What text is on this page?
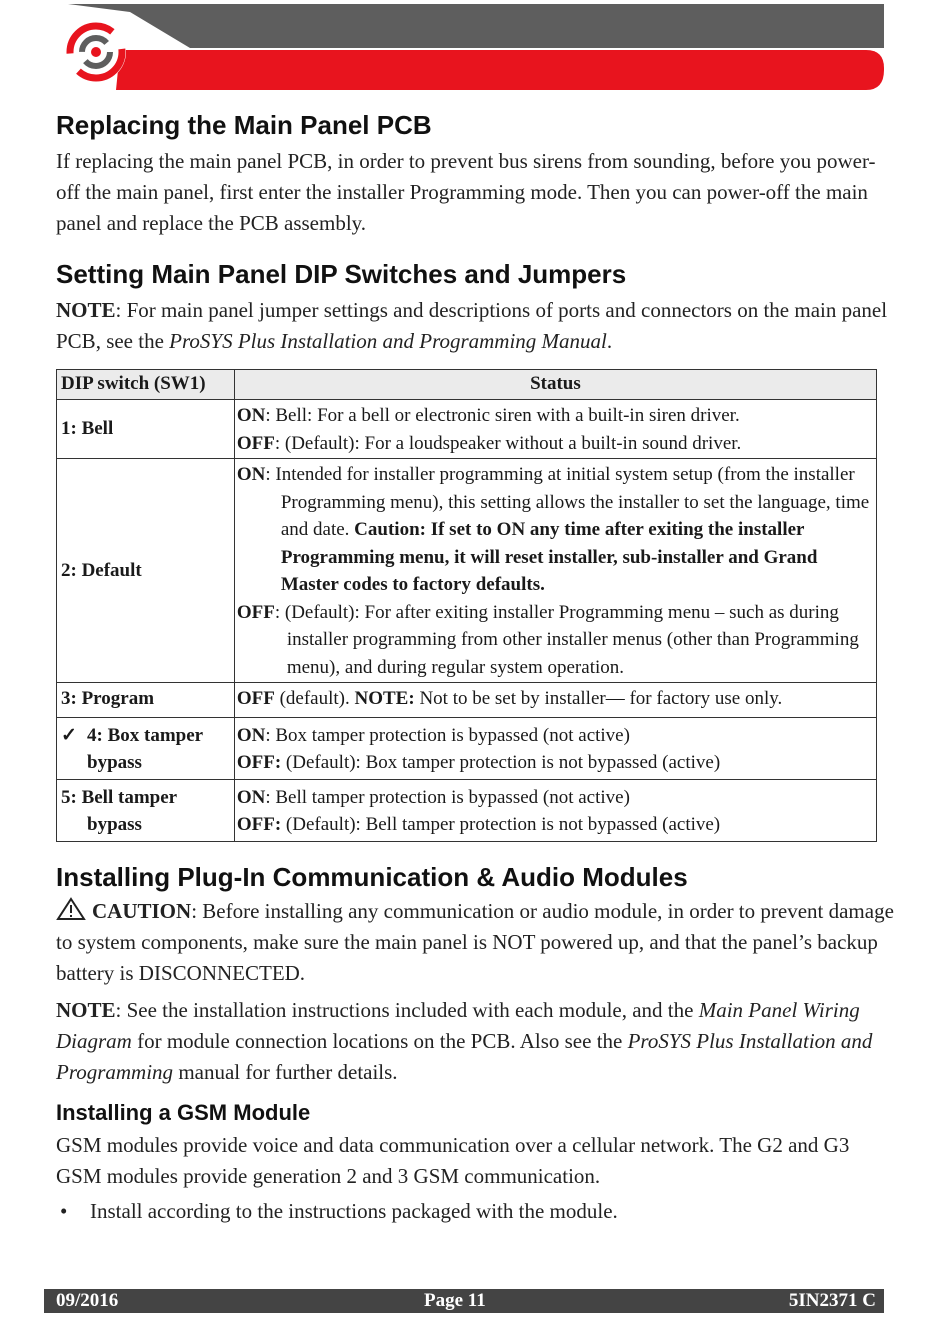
Replacing the Main Panel PCB

If replacing the main panel PCB, in order to prevent bus sirens from sounding, before you power-off the main panel, first enter the installer Programming mode. Then you can power-off the main panel and replace the PCB assembly.

Setting Main Panel DIP Switches and Jumpers

NOTE: For main panel jumper settings and descriptions of ports and connectors on the main panel PCB, see the ProSYS Plus Installation and Programming Manual.

DIP switch (SW1)	Status
1: Bell	ON: Bell: For a bell or electronic siren with a built-in siren driver.
OFF: (Default): For a loudspeaker without a built-in sound driver.

2: Default	ON: Intended for installer programming at initial system setup (from the installer Programming menu), this setting allows the installer to set the language, time and date. Caution: If set to ON any time after exiting the installer Programming menu, it will reset installer, sub-installer and Grand Master codes to factory defaults.
OFF: (Default): For after exiting installer Programming menu – such as during installer programming from other installer menus (other than Programming menu), and during regular system operation.

3: Program	OFF (default). NOTE: Not to be set by installer— for factory use only.

✓ 4: Box tamper bypass	ON: Box tamper protection is bypassed (not active)
OFF: (Default): Box tamper protection is not bypassed (active)

5: Bell tamper bypass	ON: Bell tamper protection is bypassed (not active)
OFF: (Default): Bell tamper protection is not bypassed (active)
Installing Plug-In Communication & Audio Modules

CAUTION: Before installing any communication or audio module, in order to prevent damage to system components, make sure the main panel is NOT powered up, and that the panel’s backup battery is DISCONNECTED.

NOTE: See the installation instructions included with each module, and the Main Panel Wiring Diagram for module connection locations on the PCB. Also see the ProSYS Plus Installation and Programming manual for further details.

Installing a GSM Module

GSM modules provide voice and data communication over a cellular network. The G2 and G3 GSM modules provide generation 2 and 3 GSM communication.

•	Install according to the instructions packaged with the module.
09/2016	Page 11	5IN2371 C
